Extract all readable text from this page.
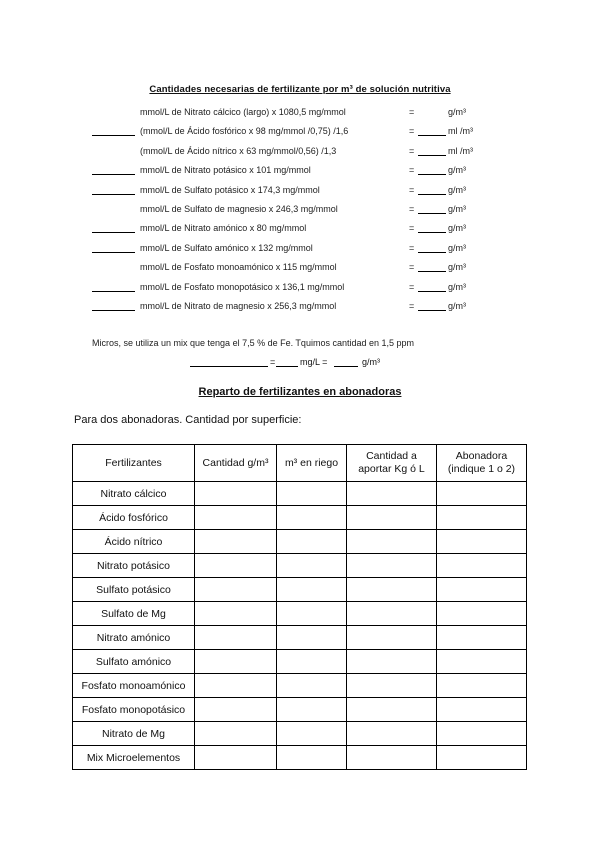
Cantidades necesarias de fertilizante por m³ de solución nutritiva
mmol/L de Nitrato cálcico (largo) x 1080,5 mg/mmol	=	g/m³
(mmol/L de Ácido fosfórico x 98 mg/mmol /0,75) /1,6	=	ml /m³
(mmol/L de Ácido nítrico x 63 mg/mmol/0,56) /1,3	=	ml /m³
mmol/L de Nitrato potásico x 101 mg/mmol	=	g/m³
mmol/L de Sulfato potásico x 174,3 mg/mmol	=	g/m³
mmol/L de Sulfato de magnesio x 246,3 mg/mmol	=	g/m³
mmol/L de Nitrato amónico x 80 mg/mmol	=	g/m³
mmol/L de Sulfato amónico x 132 mg/mmol	=	g/m³
mmol/L de Fosfato monoamónico x 115 mg/mmol	=	g/m³
mmol/L de Fosfato monopotásico x 136,1 mg/mmol	=	g/m³
mmol/L de Nitrato de magnesio x 256,3 mg/mmol	=	g/m³
Micros, se utiliza un mix que tenga el 7,5 % de Fe. Tquimos cantidad en 1,5 ppm
=	mg/L =	g/m³
Reparto de fertilizantes en abonadoras
Para dos abonadoras. Cantidad por superficie:
Fertilizantes	Cantidad g/m³	m³ en riego	Cantidad a aportar Kg ó L	Abonadora (indique 1 o 2)
Nitrato cálcico				
Ácido fosfórico				
Ácido nítrico				
Nitrato potásico				
Sulfato potásico				
Sulfato de Mg				
Nitrato amónico				
Sulfato amónico				
Fosfato monoamónico				
Fosfato monopotásico				
Nitrato de Mg				
Mix Microelementos				
